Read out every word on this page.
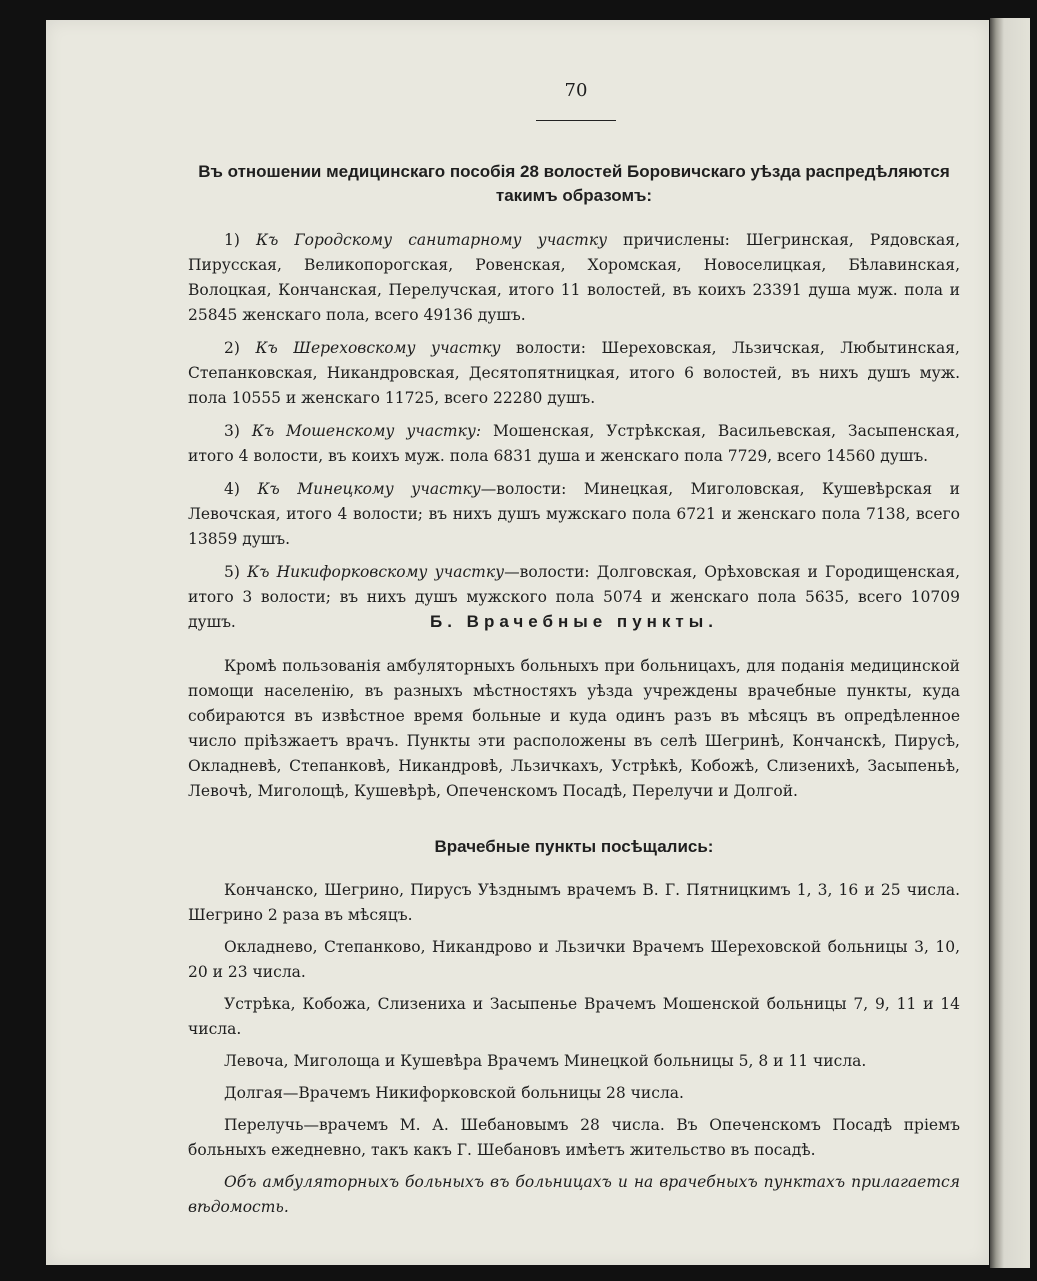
70
Въ отношении медицинскаго пособія 28 волостей Боровичскаго уѣзда распредѣляются такимъ образомъ:

1) Къ Городскому санитарному участку причислены: Шегринская, Рядовская, Пирусская, Великопорогская, Ровенская, Хоромская, Новоселицкая, Бѣлавинская, Волоцкая, Кончанская, Перелучская, итого 11 волостей, въ коихъ 23391 душа муж. пола и 25845 женскаго пола, всего 49136 душъ.

2) Къ Шереховскому участку волости: Шереховская, Льзичская, Любытинская, Степанковская, Никандровская, Десятопятницкая, итого 6 волостей, въ нихъ душъ муж. пола 10555 и женскаго 11725, всего 22280 душъ.

3) Къ Мошенскому участку: Мошенская, Устрѣкская, Васильевская, Засыпенская, итого 4 волости, въ коихъ муж. пола 6831 душа и женскаго пола 7729, всего 14560 душъ.

4) Къ Минецкому участку—волости: Минецкая, Миголовская, Кушевѣрская и Левочская, итого 4 волости; въ нихъ душъ мужскаго пола 6721 и женскаго пола 7138, всего 13859 душъ.

5) Къ Никифорковскому участку—волости: Долговская, Орѣховская и Городищенская, итого 3 волости; въ нихъ душъ мужского пола 5074 и женскаго пола 5635, всего 10709 душъ.	Б. Врачебные пункты.

Кромѣ пользованія амбуляторныхъ больныхъ при больницахъ, для поданія медицинской помощи населенію, въ разныхъ мѣстностяхъ уѣзда учреждены врачебные пункты, куда собираются въ извѣстное время больные и куда одинъ разъ въ мѣсяцъ въ опредѣленное число пріѣзжаетъ врачъ. Пункты эти расположены въ селѣ Шегринѣ, Кончанскѣ, Пирусѣ, Окладневѣ, Степанковѣ, Никандровѣ, Льзичкахъ, Устрѣкѣ, Кобожѣ, Слизенихѣ, Засыпеньѣ, Левочѣ, Миголощѣ, Кушевѣрѣ, Опеченскомъ Посадѣ, Перелучи и Долгой.

Врачебные пункты посѣщались:

Кончанско, Шегрино, Пирусъ Уѣзднымъ врачемъ В. Г. Пятницкимъ 1, 3, 16 и 25 числа. Шегрино 2 раза въ мѣсяцъ.

Окладнево, Степанково, Никандрово и Льзички Врачемъ Шереховской больницы 3, 10, 20 и 23 числа.

Устрѣка, Кобожа, Слизениха и Засыпенье Врачемъ Мошенской больницы 7, 9, 11 и 14 числа.

Левоча, Миголоща и Кушевѣра Врачемъ Минецкой больницы 5, 8 и 11 числа.

Долгая—Врачемъ Никифорковской больницы 28 числа.

Перелучь—врачемъ М. А. Шебановымъ 28 числа. Въ Опеченскомъ Посадѣ пріемъ больныхъ ежедневно, такъ какъ Г. Шебановъ имѣетъ жительство въ посадѣ.

Объ амбуляторныхъ больныхъ въ больницахъ и на врачебныхъ пунктахъ прилагается вѣдомость.
